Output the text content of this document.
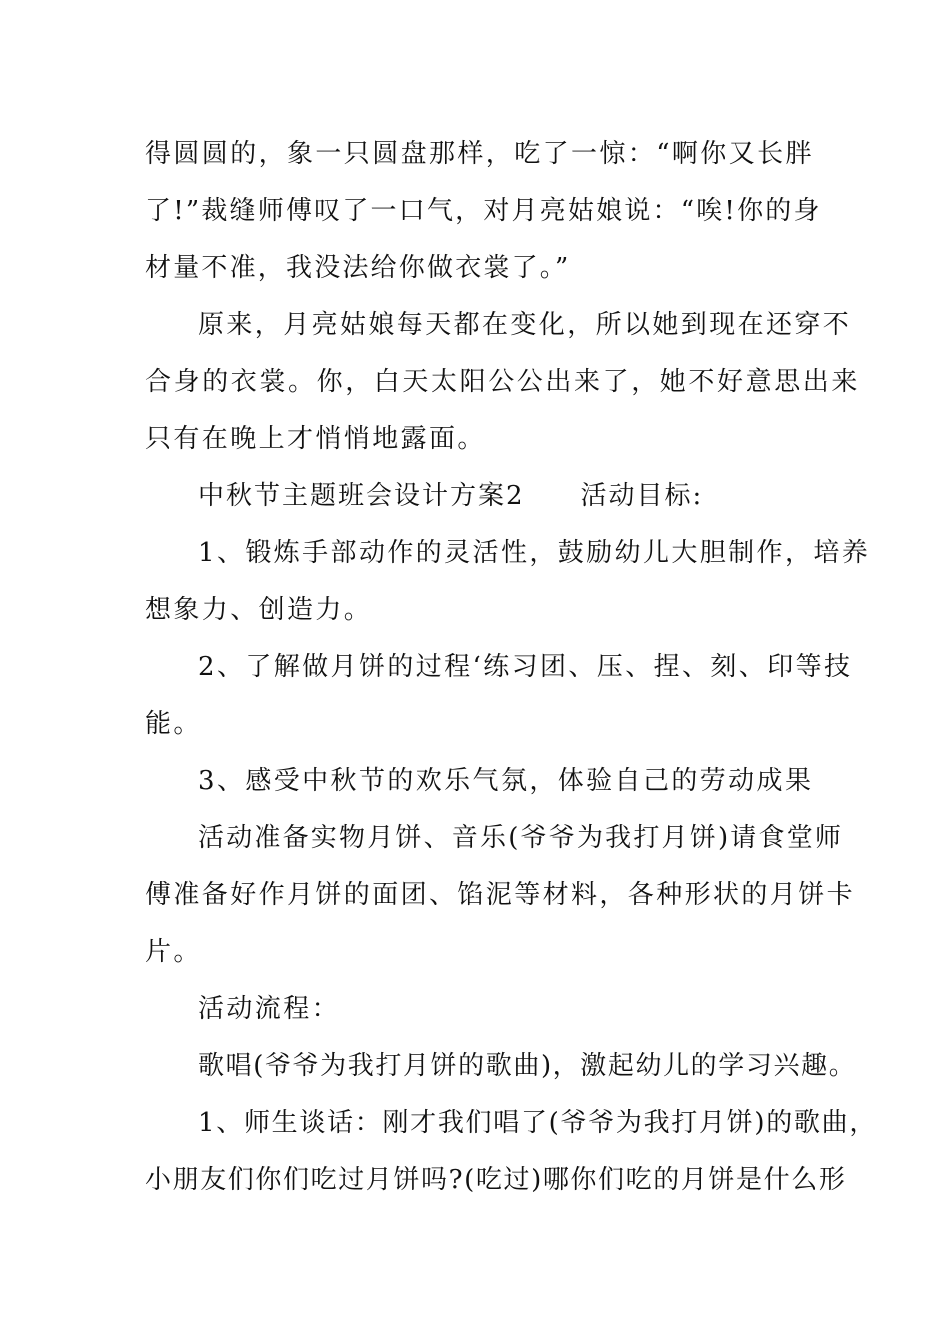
得圆圆的，象一只圆盘那样，吃了一惊：“啊你又长胖

了!”裁缝师傅叹了一口气，对月亮姑娘说：“唉!你的身

材量不准，我没法给你做衣裳了。”

原来，月亮姑娘每天都在变化，所以她到现在还穿不

合身的衣裳。你，白天太阳公公出来了，她不好意思出来

只有在晚上才悄悄地露面。

中秋节主题班会设计方案2　　活动目标:

1、锻炼手部动作的灵活性，鼓励幼儿大胆制作，培养

想象力、创造力。

2、了解做月饼的过程‘练习团、压、捏、刻、印等技

能。

3、感受中秋节的欢乐气氛，体验自己的劳动成果

活动准备实物月饼、音乐(爷爷为我打月饼)请食堂师

傅准备好作月饼的面团、馅泥等材料，各种形状的月饼卡

片。

活动流程：

歌唱(爷爷为我打月饼的歌曲)，激起幼儿的学习兴趣。

1、师生谈话：刚才我们唱了(爷爷为我打月饼)的歌曲，

小朋友们你们吃过月饼吗?(吃过)哪你们吃的月饼是什么形
